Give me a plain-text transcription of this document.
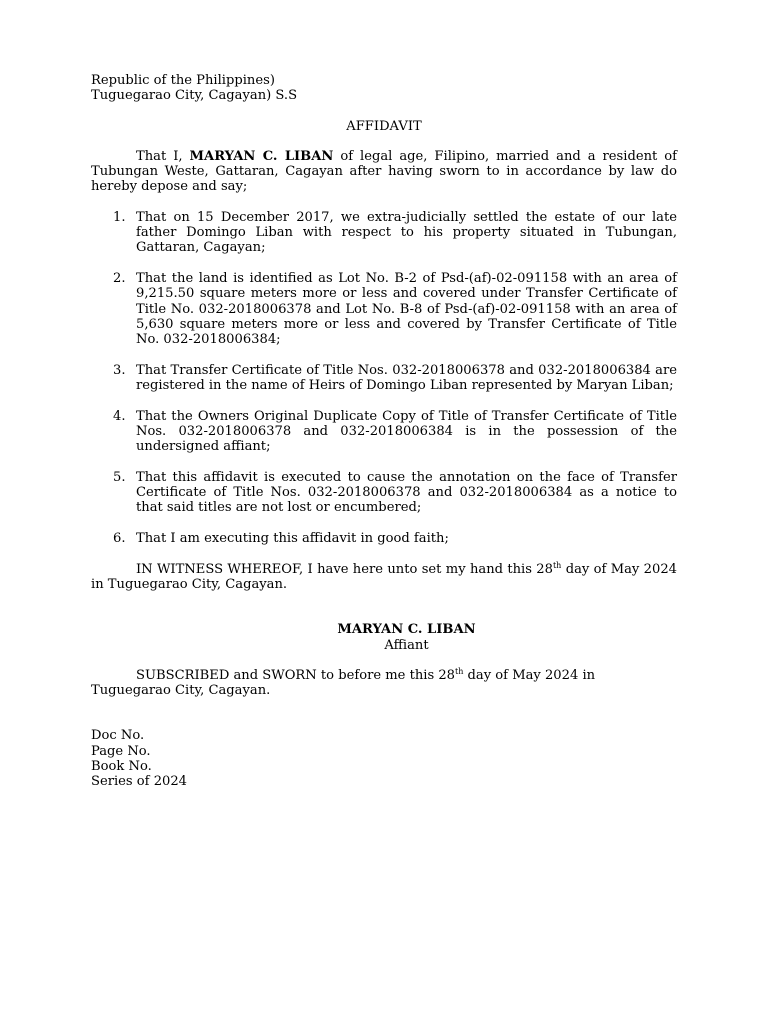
Republic of the Philippines)
Tuguegarao City, Cagayan) S.S
AFFIDAVIT

That I, MARYAN C. LIBAN of legal age, Filipino, married and a resident of Tubungan Weste, Gattaran, Cagayan after having sworn to in accordance by law do hereby depose and say;

1. That on 15 December 2017, we extra-judicially settled the estate of our late father Domingo Liban with respect to his property situated in Tubungan, Gattaran, Cagayan;
2. That the land is identified as Lot No. B-2 of Psd-(af)-02-091158 with an area of 9,215.50 square meters more or less and covered under Transfer Certificate of Title No. 032-2018006378 and Lot No. B-8 of Psd-(af)-02-091158 with an area of 5,630 square meters more or less and covered by Transfer Certificate of Title No. 032-2018006384;
3. That Transfer Certificate of Title Nos. 032-2018006378 and 032-2018006384 are registered in the name of Heirs of Domingo Liban represented by Maryan Liban;
4. That the Owners Original Duplicate Copy of Title of Transfer Certificate of Title Nos. 032-2018006378 and 032-2018006384 is in the possession of the undersigned affiant;
5. That this affidavit is executed to cause the annotation on the face of Transfer Certificate of Title Nos. 032-2018006378 and 032-2018006384 as a notice to that said titles are not lost or encumbered;
6. That I am executing this affidavit in good faith;

IN WITNESS WHEREOF, I have here unto set my hand this 28th day of May 2024 in Tuguegarao City, Cagayan.

MARYAN C. LIBAN
Affiant

SUBSCRIBED and SWORN to before me this 28th day of May 2024 in Tuguegarao City, Cagayan.

Doc No.
Page No.
Book No.
Series of 2024
